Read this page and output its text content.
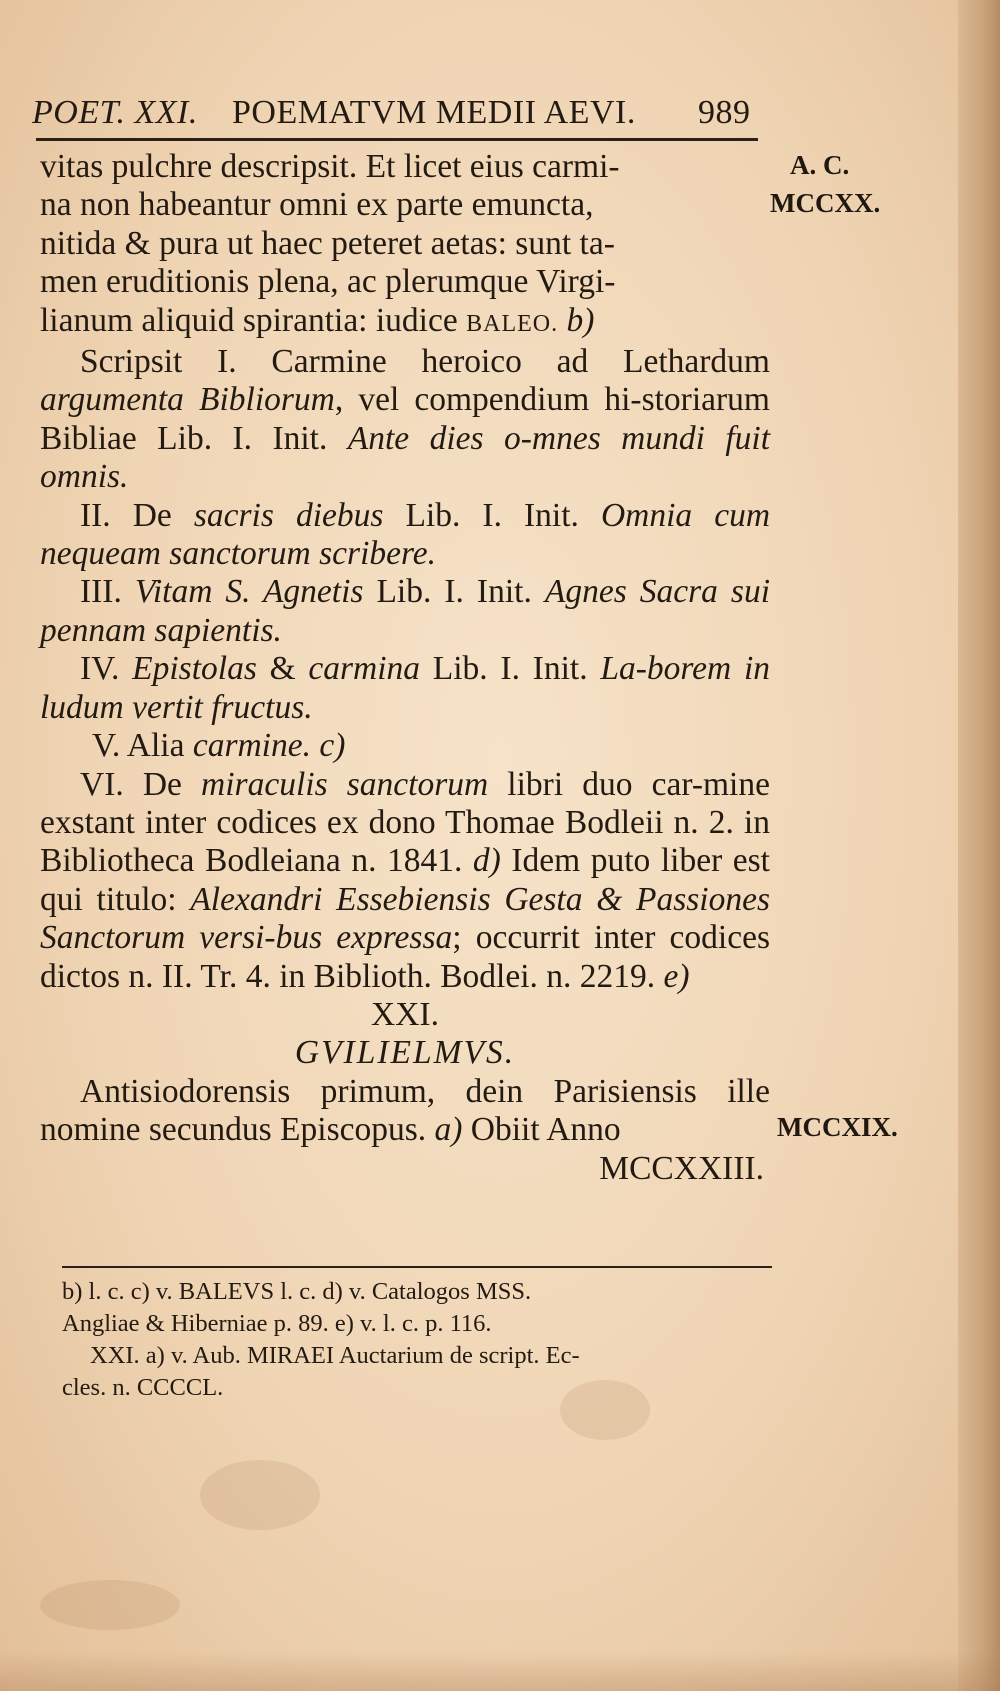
POET. XXI. POEMATVM MEDII AEVI. 989
A. C.
MCCXX.
MCCXIX.

vitas pulchre descripsit. Et licet eius carmi-

na non habeantur omni ex parte emuncta,

nitida & pura ut haec peteret aetas: sunt ta-

men eruditionis plena, ac plerumque Virgi-

lianum aliquid spirantia: iudice BALEO. b)

Scripsit I. Carmine heroico ad Lethardum argumenta Bibliorum, vel compendium hi-storiarum Bibliae Lib. I. Init. Ante dies o-mnes mundi fuit omnis.

II. De sacris diebus Lib. I. Init. Omnia cum nequeam sanctorum scribere.

III. Vitam S. Agnetis Lib. I. Init. Agnes Sacra sui pennam sapientis.

IV. Epistolas & carmina Lib. I. Init. La-borem in ludum vertit fructus.

V. Alia carmine. c)

VI. De miraculis sanctorum libri duo car-mine exstant inter codices ex dono Thomae Bodleii n. 2. in Bibliotheca Bodleiana n. 1841. d) Idem puto liber est qui titulo: Alexandri Essebiensis Gesta & Passiones Sanctorum versi-bus expressa; occurrit inter codices dictos n. II. Tr. 4. in Biblioth. Bodlei. n. 2219. e)

XXI.

GVILIELMVS.

Antisiodorensis primum, dein Parisiensis ille nomine secundus Episcopus. a) Obiit Anno

MCCXXIII.

b) l. c. c) v. BALEVS l. c. d) v. Catalogos MSS.

Angliae & Hiberniae p. 89. e) v. l. c. p. 116.

XXI. a) v. Aub. MIRAEI Auctarium de script. Ec-

cles. n. CCCCL.
